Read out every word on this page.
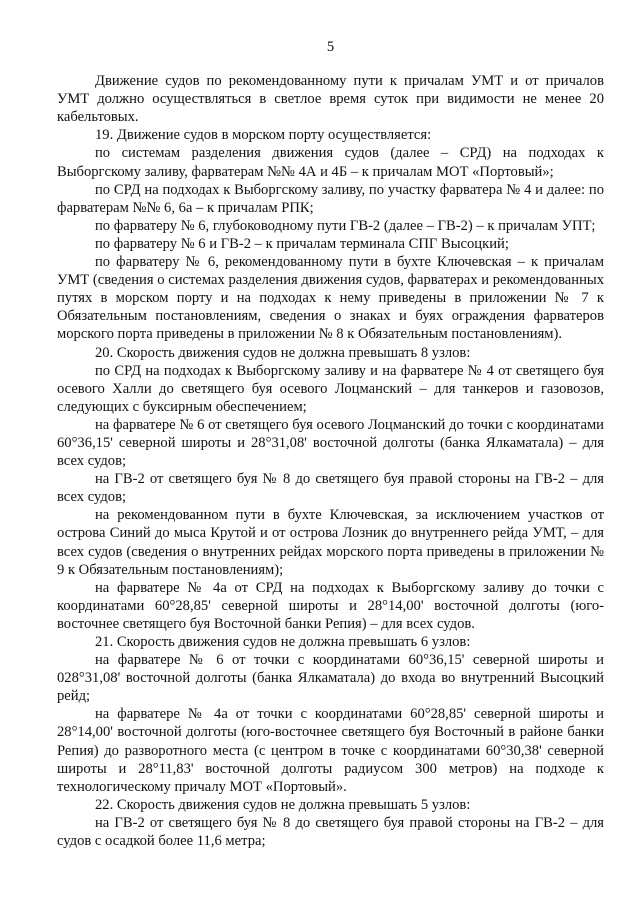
5

Движение судов по рекомендованному пути к причалам УМТ и от причалов УМТ должно осуществляться в светлое время суток при видимости не менее 20 кабельтовых.

19. Движение судов в морском порту осуществляется:

по системам разделения движения судов (далее – СРД) на подходах к Выборгскому заливу, фарватерам №№ 4А и 4Б – к причалам МОТ «Портовый»;

по СРД на подходах к Выборгскому заливу, по участку фарватера № 4 и далее: по фарватерам №№ 6, 6а – к причалам РПК;

по фарватеру № 6, глубоководному пути ГВ-2 (далее – ГВ-2) – к причалам УПТ;

по фарватеру № 6 и ГВ-2 – к причалам терминала СПГ Высоцкий;

по фарватеру № 6, рекомендованному пути в бухте Ключевская – к причалам УМТ (сведения о системах разделения движения судов, фарватерах и рекомендованных путях в морском порту и на подходах к нему приведены в приложении № 7 к Обязательным постановлениям, сведения о знаках и буях ограждения фарватеров морского порта приведены в приложении № 8 к Обязательным постановлениям).

20. Скорость движения судов не должна превышать 8 узлов:

по СРД на подходах к Выборгскому заливу и на фарватере № 4 от светящего буя осевого Халли до светящего буя осевого Лоцманский – для танкеров и газовозов, следующих с буксирным обеспечением;

на фарватере № 6 от светящего буя осевого Лоцманский до точки с координатами 60°36,15' северной широты и 28°31,08' восточной долготы (банка Ялкаматала) – для всех судов;

на ГВ-2 от светящего буя № 8 до светящего буя правой стороны на ГВ-2 – для всех судов;

на рекомендованном пути в бухте Ключевская, за исключением участков от острова Синий до мыса Крутой и от острова Лозник до внутреннего рейда УМТ, – для всех судов (сведения о внутренних рейдах морского порта приведены в приложении № 9 к Обязательным постановлениям);

на фарватере № 4а от СРД на подходах к Выборгскому заливу до точки с координатами 60°28,85' северной широты и 28°14,00' восточной долготы (юго-восточнее светящего буя Восточной банки Репия) – для всех судов.

21. Скорость движения судов не должна превышать 6 узлов:

на фарватере № 6 от точки с координатами 60°36,15' северной широты и 028°31,08' восточной долготы (банка Ялкаматала) до входа во внутренний Высоцкий рейд;

на фарватере № 4а от точки с координатами 60°28,85' северной широты и 28°14,00' восточной долготы (юго-восточнее светящего буя Восточный в районе банки Репия) до разворотного места (с центром в точке с координатами 60°30,38' северной широты и 28°11,83' восточной долготы радиусом 300 метров) на подходе к технологическому причалу МОТ «Портовый».

22. Скорость движения судов не должна превышать 5 узлов:

на ГВ-2 от светящего буя № 8 до светящего буя правой стороны на ГВ-2 – для судов с осадкой более 11,6 метра;
